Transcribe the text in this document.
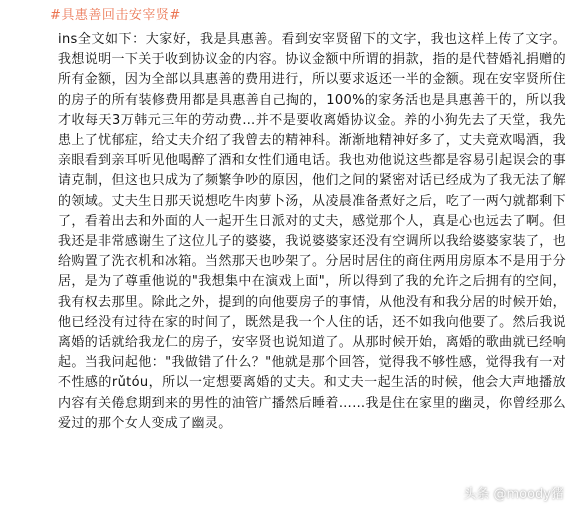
#具惠善回击安宰贤#

ins全文如下：大家好，我是具惠善。看到安宰贤留下的文字，我也这样上传了文字。我想说明一下关于收到协议金的内容。协议金额中所谓的捐款，指的是代替婚礼捐赠的所有金额，因为全部以具惠善的费用进行，所以要求返还一半的金额。现在安宰贤所住的房子的所有装修费用都是具惠善自己掏的，100%的家务活也是具惠善干的，所以我才收每天3万韩元三年的劳动费…并不是要收离婚协议金。养的小狗先去了天堂，我先患上了忧郁症，给丈夫介绍了我曾去的精神科。渐渐地精神好多了，丈夫竟欢喝酒，我亲眼看到亲耳听见他喝醉了酒和女性们通电话。我也劝他说这些都是容易引起误会的事请克制，但这也只成为了频繁争吵的原因，他们之间的紧密对话已经成为了我无法了解的领域。丈夫生日那天说想吃牛肉萝卜汤，从凌晨准备煮好之后，吃了一两勺就都剩下了，看着出去和外面的人一起开生日派对的丈夫，感觉那个人，真是心也远去了啊。但我还是非常感谢生了这位儿子的婆婆，我说婆婆家还没有空调所以我给婆婆家装了，也给购置了洗衣机和冰箱。当然那天也吵架了。分居时居住的商住两用房原本不是用于分居，是为了尊重他说的"我想集中在演戏上面"，所以得到了我的允许之后拥有的空间，我有权去那里。除此之外，提到的向他要房子的事情，从他没有和我分居的时候开始，他已经没有过待在家的时间了，既然是我一个人住的话，还不如我向他要了。然后我说离婚的话就给我龙仁的房子，安宰贤也说知道了。从那时候开始，离婚的歌曲就已经响起。当我问起他："我做错了什么？"他就是那个回答，觉得我不够性感，觉得我有一对不性感的rǔtóu，所以一定想要离婚的丈夫。和丈夫一起生活的时候，他会大声地播放内容有关倦怠期到来的男性的油管广播然后睡着……我是住在家里的幽灵，你曾经那么爱过的那个女人变成了幽灵。

头条 @moody猪
